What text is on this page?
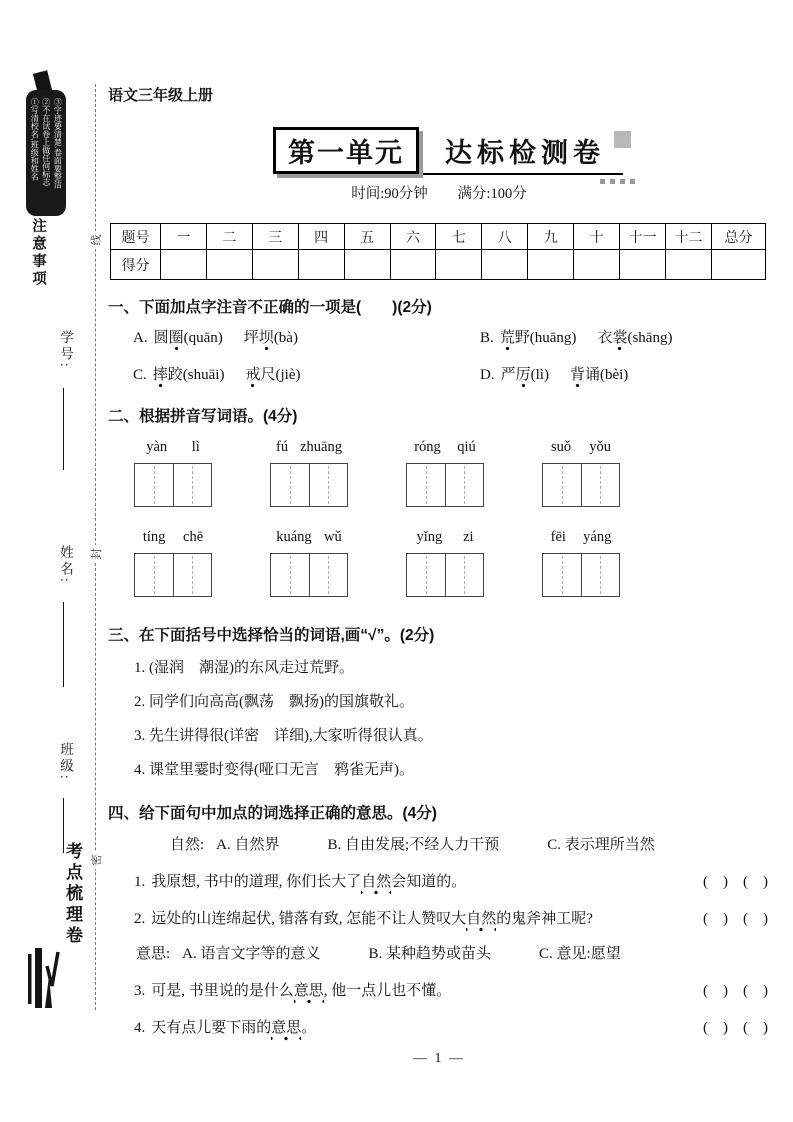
①写清校名,班级和姓名 ②不在试卷上做任何标志 ③字迹要清楚,卷面要整洁
注意事项	线
封
密
学号:
姓名:
班级:
考点梳理卷
语文三年级上册
第一单元	达标检测卷
时间:90分钟 满分:100分
题号	一	二	三	四	五	六	七	八	九	十	十一	十二	总分
得分													
一、下面加点字注音不正确的一项是(　　)(2分)
A. 圆圈(quān) 坪坝(bà)	B. 荒野(huāng) 衣裳(shāng)
C. 摔跤(shuāi) 戒尺(jiè)	D. 严厉(lì) 背诵(bèi)
二、根据拼音写词语。(4分)
yàn lì	fú zhuāng	róng qiú	suǒ yǒu
tíng chē	kuáng wǔ	yǐng zi	fēi yáng
三、在下面括号中选择恰当的词语,画“√”。(2分)

1. (湿润　潮湿)的东风走过荒野。

2. 同学们向高高(飘荡　飘扬)的国旗敬礼。

3. 先生讲得很(详密　详细),大家听得很认真。

4. 课堂里霎时变得(哑口无言　鸦雀无声)。

四、给下面句中加点的词选择正确的意思。(4分)
自然: A. 自然界	B. 自由发展;不经人力干预	C. 表示理所当然
1. 我原想, 书中的道理, 你们长大了自然会知道的。	(　)　(　)
2. 远处的山连绵起伏, 错落有致, 怎能不让人赞叹大自然的鬼斧神工呢?	(　)　(　)
意思: A. 语言文字等的意义	B. 某种趋势或苗头	C. 意见:愿望
3. 可是, 书里说的是什么意思, 他一点儿也不懂。	(　)　(　)
4. 天有点儿要下雨的意思。	(　)　(　)
— 1 —
